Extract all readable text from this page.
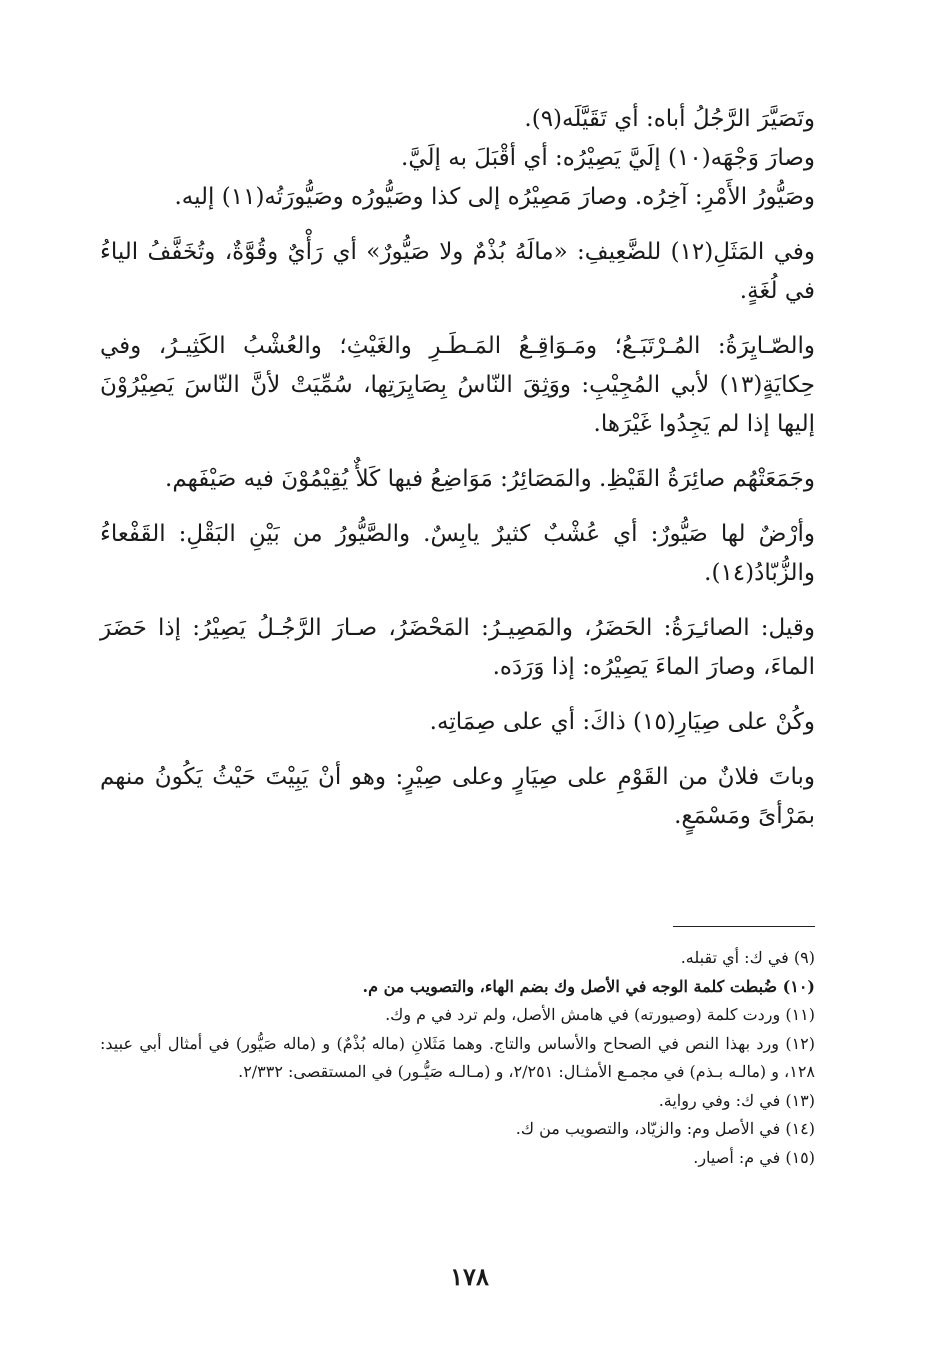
وتَصَيَّرَ الرَّجُلُ أباه: أي تَقَيَّلَه(٩).

وصارَ وَجْهَه(١٠) إلَيَّ يَصِيْرُه: أي أقْبَلَ به إلَيَّ.

وصَيُّورُ الأَمْرِ: آخِرُه. وصارَ مَصِيْرُه إلى كذا وصَيُّورُه وصَيُّورَتُه(١١) إليه.

وفي المَثَلِ(١٢) للضَّعِيفِ: «مالَهُ بُذْمٌ ولا صَيُّورٌ» أي رَأْيٌ وقُوَّةٌ، وتُخَفَّفُ الياءُ في لُغَةٍ.

والصّـايِرَةُ: المُـرْتَبَـعُ؛ ومَـوَاقِـعُ المَـطَـرِ والغَيْثِ؛ والعُشْبُ الكَثِيـرُ، وفي حِكايَةٍ(١٣) لأبي المُجِيْبِ: ووَثِقَ النّاسُ بِصَايِرَتِها، سُمِّيَتْ لأنَّ النّاسَ يَصِيْرُوْنَ إليها إذا لم يَجِدُوا غَيْرَها.

وجَمَعَتْهُم صائِرَةُ القَيْظِ. والمَصَائِرُ: مَوَاضِعُ فيها كَلأٌ يُقِيْمُوْنَ فيه صَيْفَهم.

وأرْضٌ لها صَيُّورٌ: أي عُشْبٌ كثيرٌ يابِسٌ. والصَّيُّورُ من بَيْنِ البَقْلِ: القَفْعاءُ والزُّبّادُ(١٤).

وقيل: الصائـِرَةُ: الحَضَرُ، والمَصِيـرُ: المَحْضَرُ، صـارَ الرَّجُـلُ يَصِيْرُ: إذا حَضَرَ الماءَ، وصارَ الماءَ يَصِيْرُه: إذا وَرَدَه.

وكُنْ على صِيَارِ(١٥) ذاكَ: أي على صِمَاتِه.

وباتَ فلانٌ من القَوْمِ على صِيَارٍ وعلى صِيْرٍ: وهو أنْ يَبِيْتَ حَيْثُ يَكُونُ منهم بمَرْأىً ومَسْمَعٍ.

(٩) في ك: أي تقبله.

(١٠) ضُبطت كلمة الوجه في الأصل وك بضم الهاء، والتصويب من م.

(١١) وردت كلمة (وصيورته) في هامش الأصل، ولم ترد في م وك.

(١٢) ورد بهذا النص في الصحاح والأساس والتاج. وهما مَثَلانِ (ماله بُذْمٌ) و (ماله صَيُّور) في أمثال أبي عبيد: ١٢٨، و (مالـه بـذم) في مجمـع الأمثـال: ٢/٢٥١، و (مـالـه صَيُّـور) في المستقصى: ٢/٣٣٢.

(١٣) في ك: وفي رواية.

(١٤) في الأصل وم: والزيّاد، والتصويب من ك.

(١٥) في م: أصيار.

١٧٨
